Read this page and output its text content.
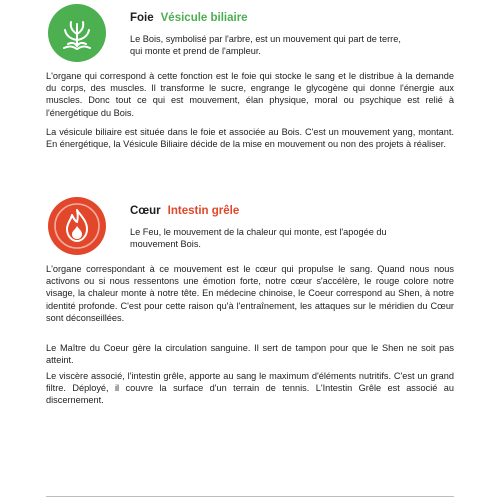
Foie Vésicule biliaire
Le Bois, symbolisé par l'arbre, est un mouvement qui part de terre,
qui monte et prend de l'ampleur.

L'organe qui correspond à cette fonction est le foie qui stocke le sang et le distribue à la demande du corps, des muscles. Il transforme le sucre, engrange le glycogène qui donne l'énergie aux muscles. Donc tout ce qui est mouvement, élan physique, moral ou psychique est relié à l'énergétique du Bois.

La vésicule biliaire est située dans le foie et associée au Bois. C'est un mouvement yang, montant. En énergétique, la Vésicule Biliaire décide de la mise en mouvement ou non des projets à réaliser.

Cœur Intestin grêle
Le Feu, le mouvement de la chaleur qui monte, est l'apogée du
mouvement Bois.

L'organe correspondant à ce mouvement est le cœur qui propulse le sang. Quand nous nous activons ou si nous ressentons une émotion forte, notre cœur s'accélère, le rouge colore notre visage, la chaleur monte à notre tête. En médecine chinoise, le Coeur correspond au Shen, à notre identité profonde. C'est pour cette raison qu'à l'entraînement, les attaques sur le méridien du Cœur sont déconseillées.

Le Maître du Coeur gère la circulation sanguine. Il sert de tampon pour que le Shen ne soit pas atteint.

Le viscère associé, l'intestin grêle, apporte au sang le maximum d'éléments nutritifs. C'est un grand filtre. Déployé, il couvre la surface d'un terrain de tennis. L'Intestin Grêle est associé au discernement.
